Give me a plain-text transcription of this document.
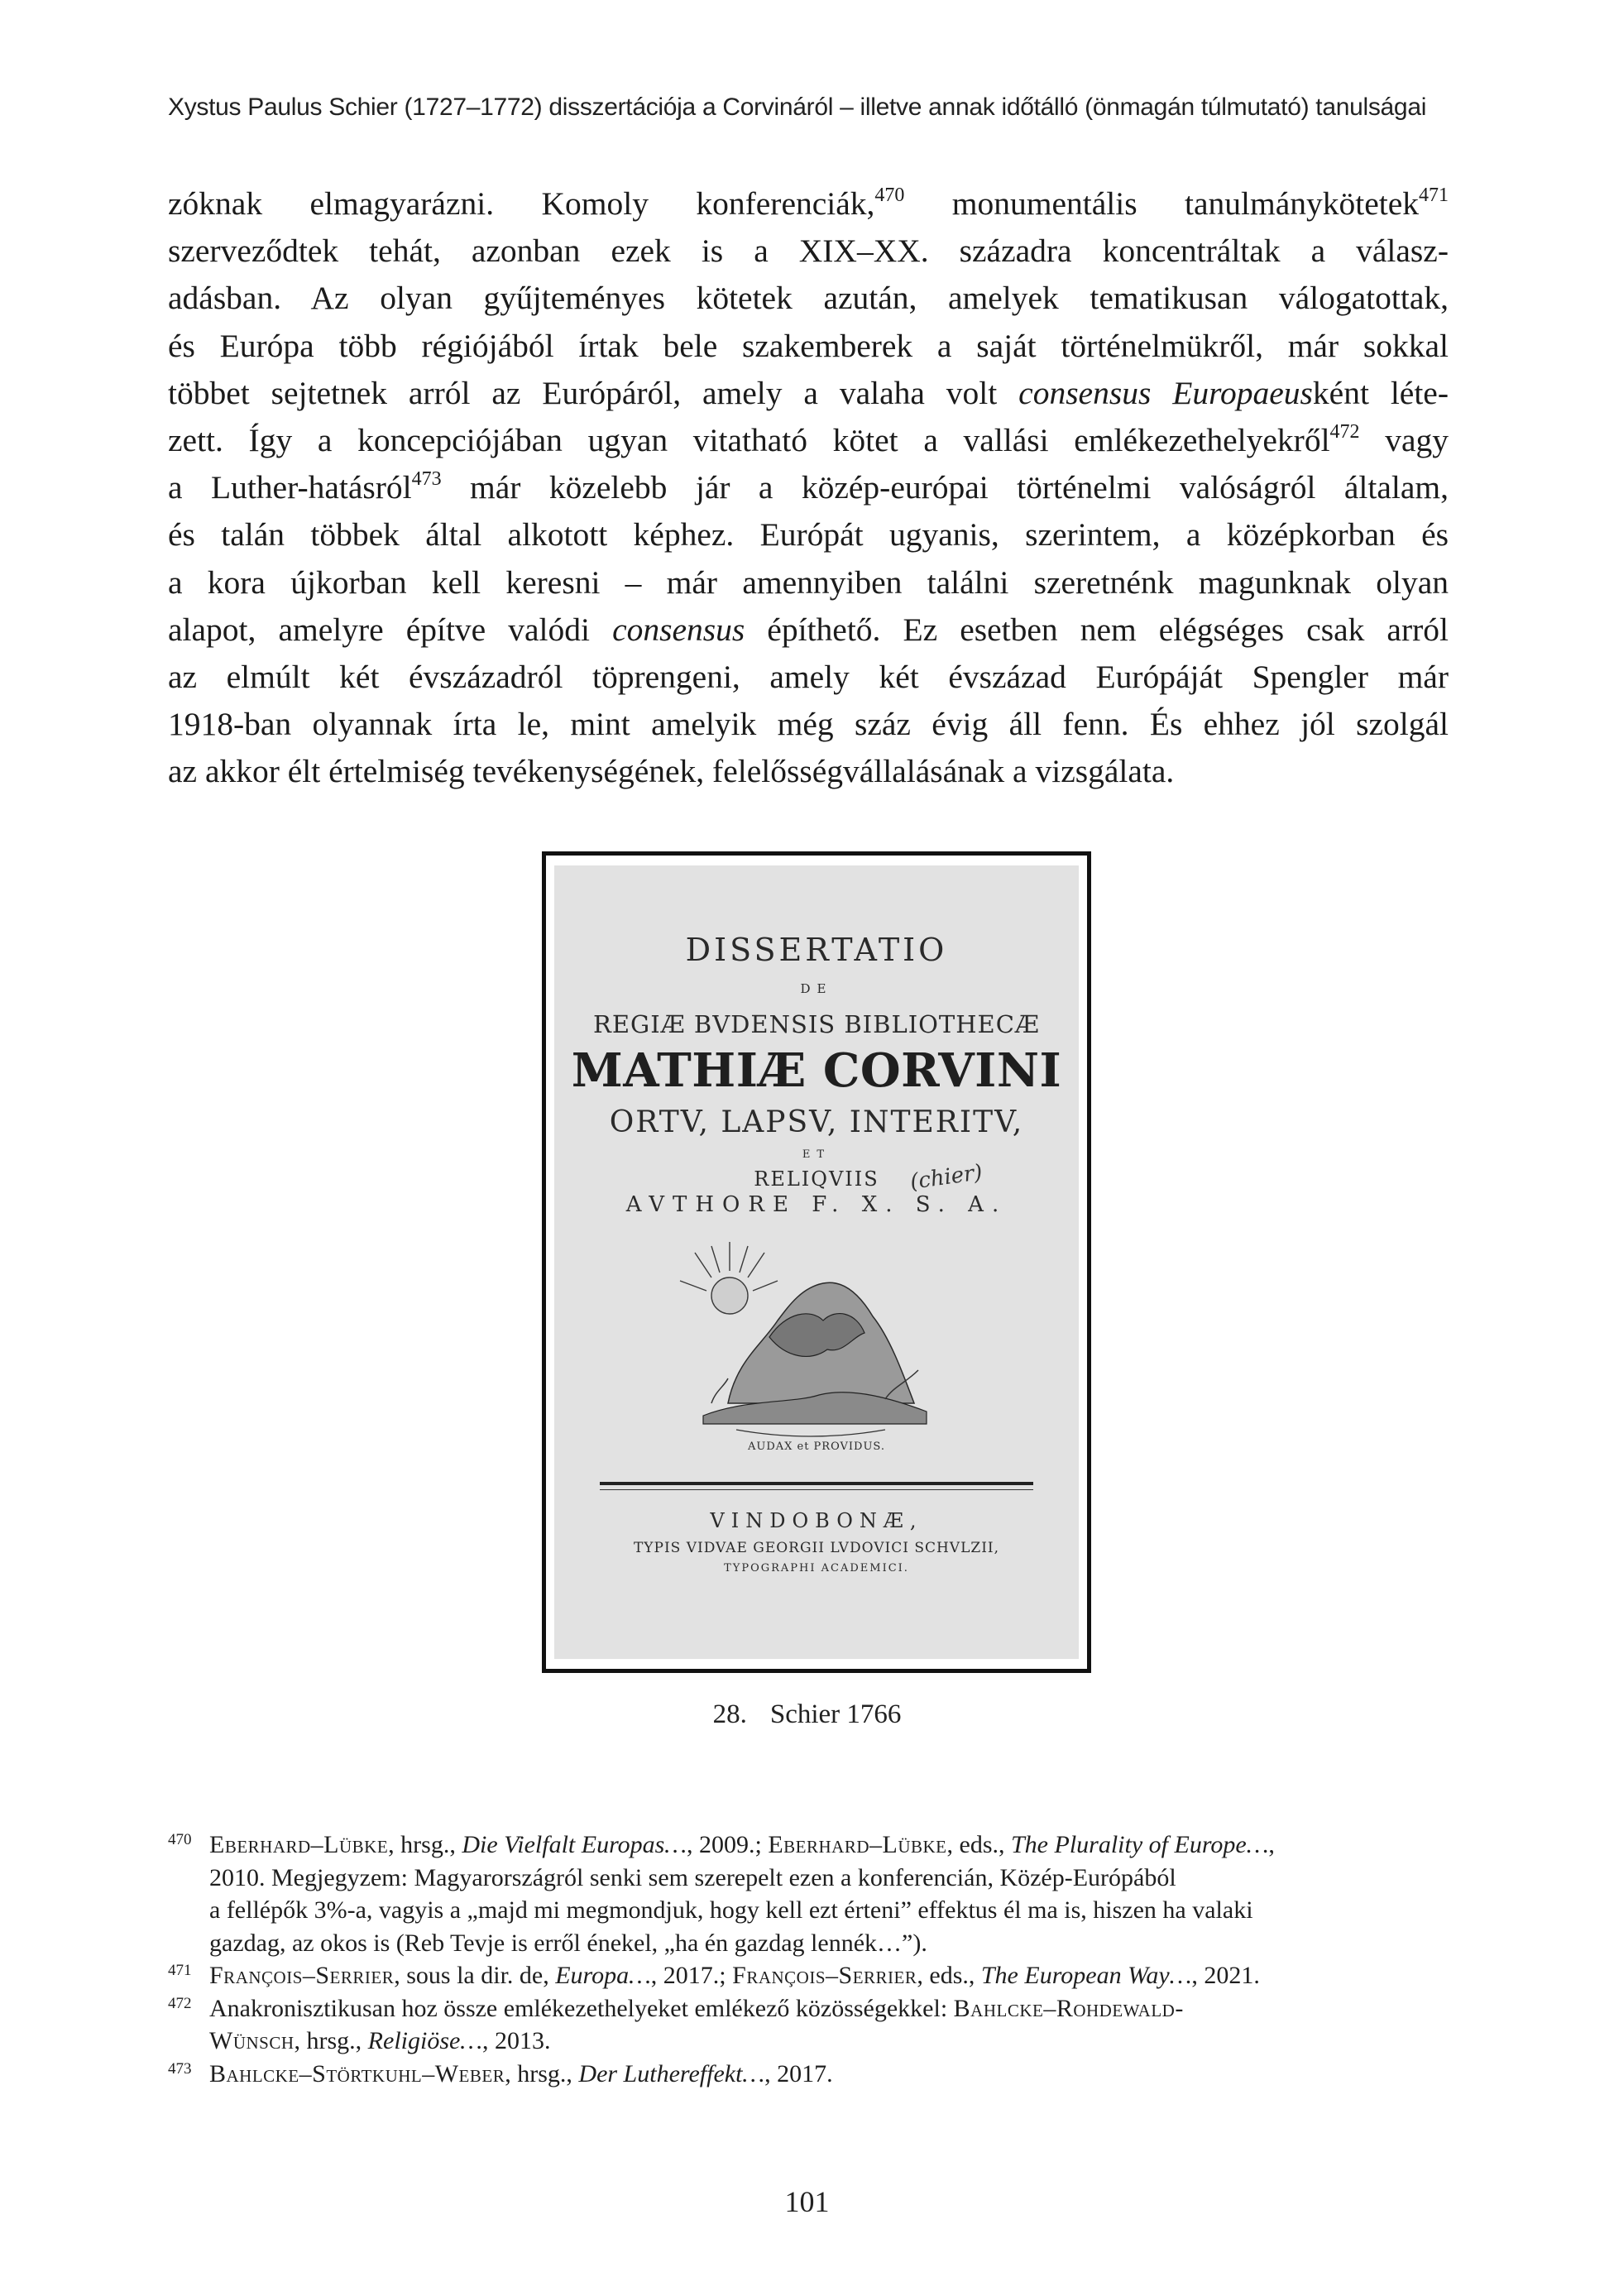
Xystus Paulus Schier (1727–1772) disszertációja a Corvináról – illetve annak időtálló (önmagán túlmutató) tanulságai
zóknak elmagyarázni. Komoly konferenciák,$^{470}$ monumentális tanulmánykötetek$^{471}$
szerveződtek tehát, azonban ezek is a XIX–XX. századra koncentráltak a válasz-
adásban. Az olyan gyűjteményes kötetek azután, amelyek tematikusan válogatottak,
és Európa több régiójából írtak bele szakemberek a saját történelmükről, már sokkal
többet sejtetnek arról az Európáról, amely a valaha volt consensus Europaeusként léte-
zett. Így a koncepciójában ugyan vitatható kötet a vallási emlékezethelyekről$^{472}$ vagy
a Luther-hatásról$^{473}$ már közelebb jár a közép-európai történelmi valóságról általam,
és talán többek által alkotott képhez. Európát ugyanis, szerintem, a középkorban és
a kora újkorban kell keresni – már amennyiben találni szeretnénk magunknak olyan
alapot, amelyre építve valódi consensus építhető. Ez esetben nem elégséges csak arról
az elmúlt két évszázadról töprengeni, amely két évszázad Európáját Spengler már
1918-ban olyannak írta le, mint amelyik még száz évig áll fenn. És ehhez jól szolgál
az akkor élt értelmiség tevékenységének, felelősségvállalásának a vizsgálata.
DISSERTATIO
DE
REGIÆ BVDENSIS BIBLIOTHECÆ
MATHIÆ CORVINI
ORTV, LAPSV, INTERITV,
ET
RELIQVIIS
AVTHORE F. X. S. A.
(chier)
AUDAX et PROVIDUS.
VINDOBONÆ,
TYPIS VIDVAE GEORGII LVDOVICI SCHVLZII,
TYPOGRAPHI ACADEMICI.
28. Schier 1766
470 Eberhard–Lübke, hrsg., Die Vielfalt Europas…, 2009.; Eberhard–Lübke, eds., The Plurality of Europe…,
2010. Megjegyzem: Magyarországról senki sem szerepelt ezen a konferencián, Közép-Európából
a fellépők 3%-a, vagyis a „majd mi megmondjuk, hogy kell ezt érteni” effektus él ma is, hiszen ha valaki
gazdag, az okos is (Reb Tevje is erről énekel, „ha én gazdag lennék…”).
471 François–Serrier, sous la dir. de, Europa…, 2017.; François–Serrier, eds., The European Way…, 2021.
472 Anakronisztikusan hoz össze emlékezethelyeket emlékező közösségekkel: Bahlcke–Rohdewald-
Wünsch, hrsg., Religiöse…, 2013.
473 Bahlcke–Störtkuhl–Weber, hrsg., Der Luthereffekt…, 2017.
101
